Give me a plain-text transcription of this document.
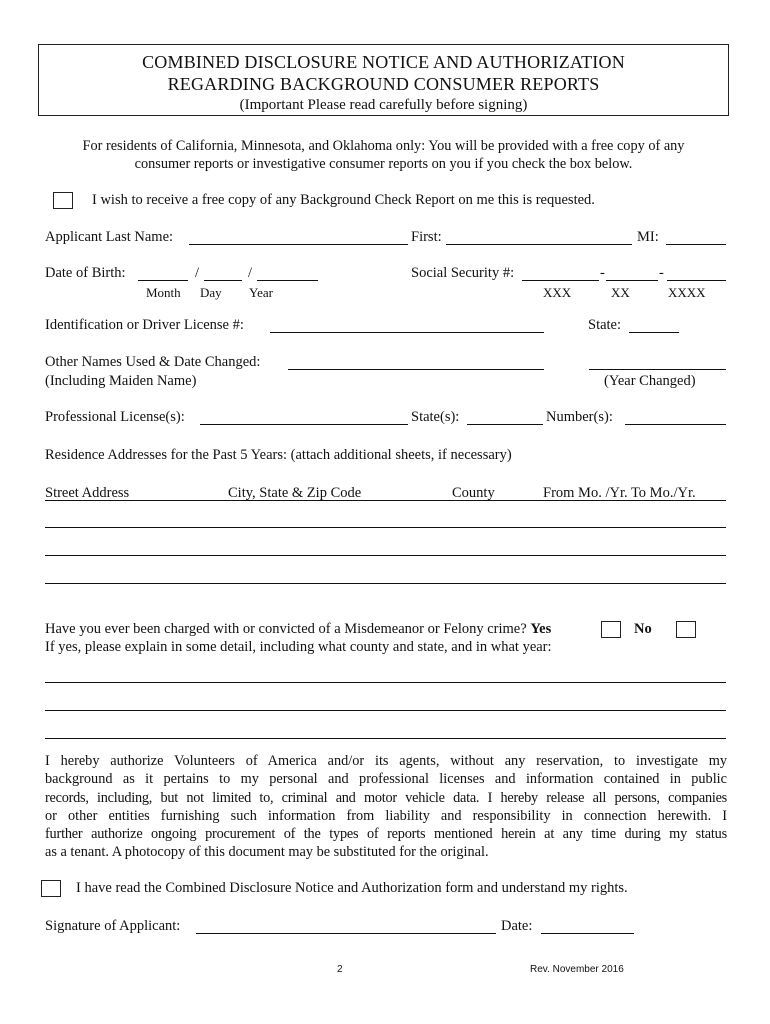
COMBINED DISCLOSURE NOTICE AND AUTHORIZATION
REGARDING BACKGROUND CONSUMER REPORTS
(Important Please read carefully before signing)
For residents of California, Minnesota, and Oklahoma only: You will be provided with a free copy of any
consumer reports or investigative consumer reports on you if you check the box below.
I wish to receive a free copy of any Background Check Report on me this is requested.
Applicant Last Name:	First:	MI:
Date of Birth:	/	/
Month Day Year
Social Security #:	-	-
XXX	XX	XXXX
Identification or Driver License #:	State:
Other Names Used & Date Changed:
(Including Maiden Name)	(Year Changed)
Professional License(s):	State(s):	Number(s):
Residence Addresses for the Past 5 Years: (attach additional sheets, if necessary)
Street Address	City, State & Zip Code	County	From Mo. /Yr. To Mo./Yr.
Have you ever been charged with or convicted of a Misdemeanor or Felony crime? Yes	No
If yes, please explain in some detail, including what county and state, and in what year:
I hereby authorize Volunteers of America and/or its agents, without any reservation, to investigate my
background as it pertains to my personal and professional licenses and information contained in public
records, including, but not limited to, criminal and motor vehicle data. I hereby release all persons, companies
or other entities furnishing such information from liability and responsibility in connection herewith. I
further authorize ongoing procurement of the types of reports mentioned herein at any time during my status
as a tenant. A photocopy of this document may be substituted for the original.
I have read the Combined Disclosure Notice and Authorization form and understand my rights.
Signature of Applicant:	Date:
2	Rev. November 2016
